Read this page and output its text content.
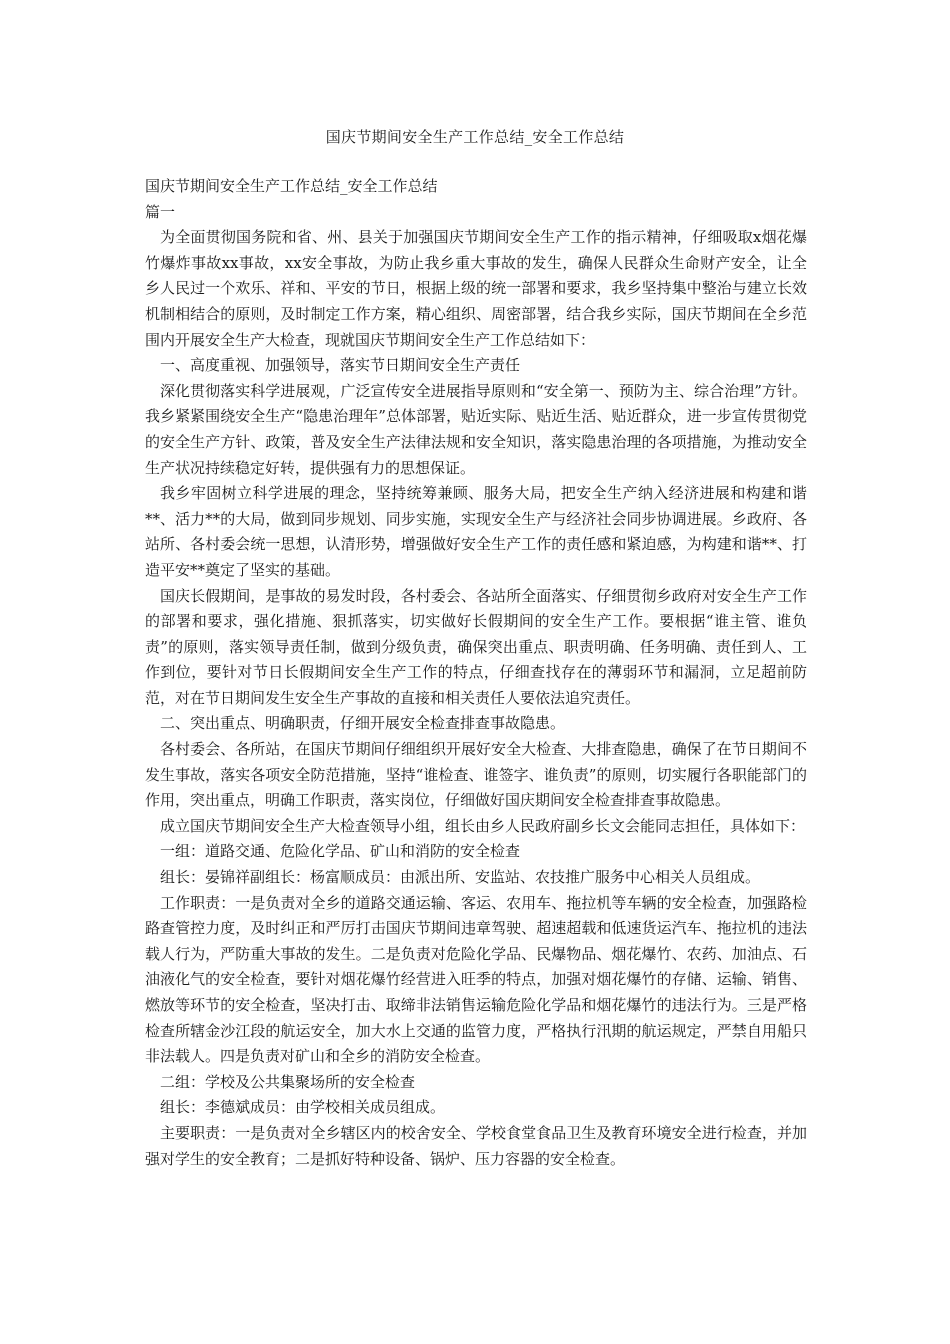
国庆节期间安全生产工作总结_安全工作总结

国庆节期间安全生产工作总结_安全工作总结

篇一

为全面贯彻国务院和省、州、县关于加强国庆节期间安全生产工作的指示精神，仔细吸取x烟花爆竹爆炸事故xx事故，xx安全事故，为防止我乡重大事故的发生，确保人民群众生命财产安全，让全乡人民过一个欢乐、祥和、平安的节日，根据上级的统一部署和要求，我乡坚持集中整治与建立长效机制相结合的原则，及时制定工作方案，精心组织、周密部署，结合我乡实际，国庆节期间在全乡范围内开展安全生产大检查，现就国庆节期间安全生产工作总结如下：

一、高度重视、加强领导，落实节日期间安全生产责任

深化贯彻落实科学进展观，广泛宣传安全进展指导原则和“安全第一、预防为主、综合治理”方针。我乡紧紧围绕安全生产“隐患治理年”总体部署，贴近实际、贴近生活、贴近群众，进一步宣传贯彻党的安全生产方针、政策，普及安全生产法律法规和安全知识，落实隐患治理的各项措施，为推动安全生产状况持续稳定好转，提供强有力的思想保证。

我乡牢固树立科学进展的理念，坚持统筹兼顾、服务大局，把安全生产纳入经济进展和构建和谐**、活力**的大局，做到同步规划、同步实施，实现安全生产与经济社会同步协调进展。乡政府、各站所、各村委会统一思想，认清形势，增强做好安全生产工作的责任感和紧迫感，为构建和谐**、打造平安**奠定了坚实的基础。

国庆长假期间，是事故的易发时段，各村委会、各站所全面落实、仔细贯彻乡政府对安全生产工作的部署和要求，强化措施、狠抓落实，切实做好长假期间的安全生产工作。要根据“谁主管、谁负责”的原则，落实领导责任制，做到分级负责，确保突出重点、职责明确、任务明确、责任到人、工作到位，要针对节日长假期间安全生产工作的特点，仔细查找存在的薄弱环节和漏洞，立足超前防范，对在节日期间发生安全生产事故的直接和相关责任人要依法追究责任。

二、突出重点、明确职责，仔细开展安全检查排查事故隐患。

各村委会、各所站，在国庆节期间仔细组织开展好安全大检查、大排查隐患，确保了在节日期间不发生事故，落实各项安全防范措施，坚持“谁检查、谁签字、谁负责”的原则，切实履行各职能部门的作用，突出重点，明确工作职责，落实岗位，仔细做好国庆期间安全检查排查事故隐患。

成立国庆节期间安全生产大检查领导小组，组长由乡人民政府副乡长文会能同志担任，具体如下：

一组：道路交通、危险化学品、矿山和消防的安全检查

组长：晏锦祥副组长：杨富顺成员：由派出所、安监站、农技推广服务中心相关人员组成。

工作职责：一是负责对全乡的道路交通运输、客运、农用车、拖拉机等车辆的安全检查，加强路检路查管控力度，及时纠正和严厉打击国庆节期间违章驾驶、超速超载和低速货运汽车、拖拉机的违法载人行为，严防重大事故的发生。二是负责对危险化学品、民爆物品、烟花爆竹、农药、加油点、石油液化气的安全检查，要针对烟花爆竹经营进入旺季的特点，加强对烟花爆竹的存储、运输、销售、燃放等环节的安全检查，坚决打击、取缔非法销售运输危险化学品和烟花爆竹的违法行为。三是严格检查所辖金沙江段的航运安全，加大水上交通的监管力度，严格执行汛期的航运规定，严禁自用船只非法载人。四是负责对矿山和全乡的消防安全检查。

二组：学校及公共集聚场所的安全检查

组长：李德斌成员：由学校相关成员组成。

主要职责：一是负责对全乡辖区内的校舍安全、学校食堂食品卫生及教育环境安全进行检查，并加强对学生的安全教育；二是抓好特种设备、锅炉、压力容器的安全检查。
